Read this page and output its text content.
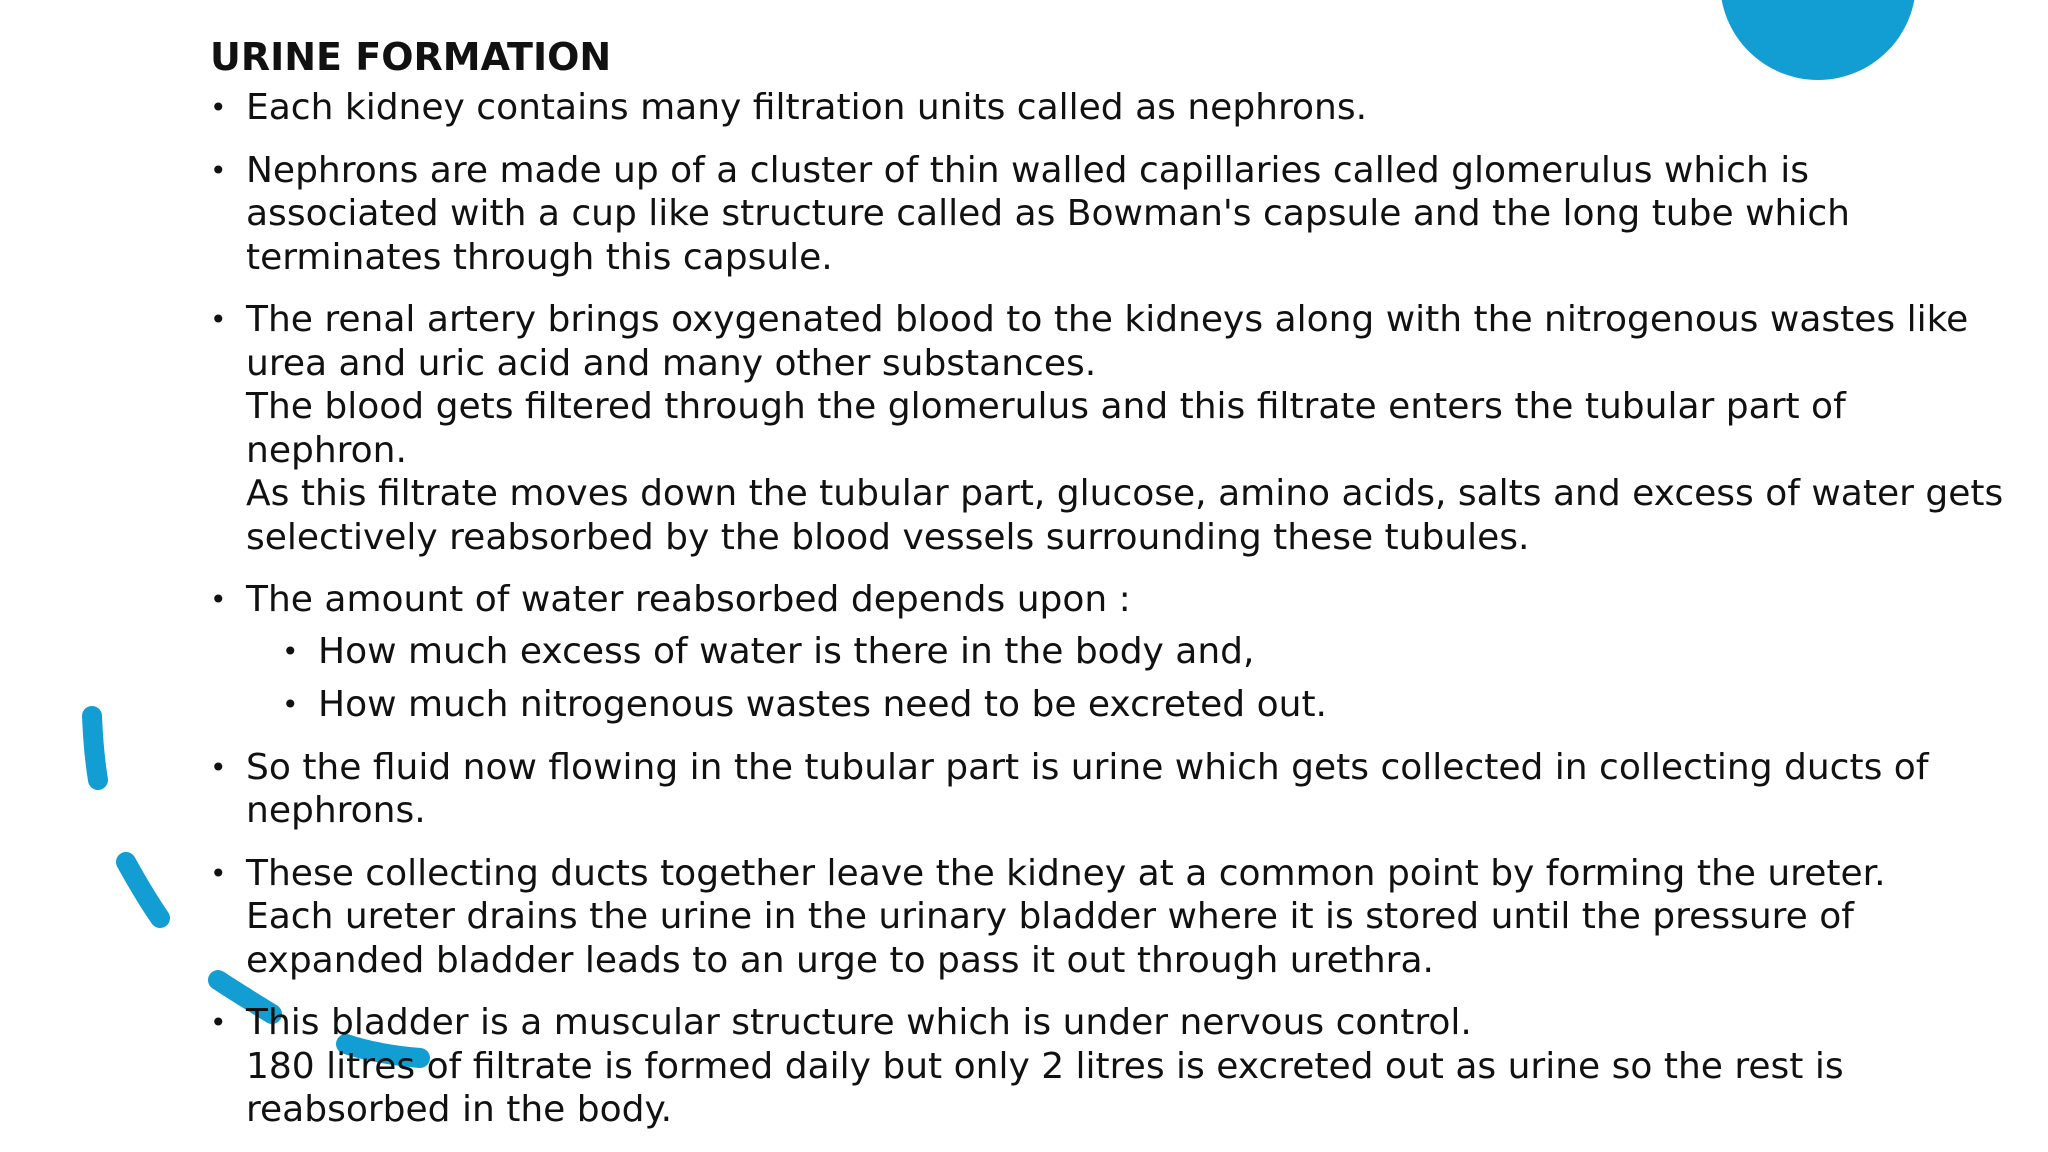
URINE FORMATION
• Each kidney contains many filtration units called as nephrons.
• Nephrons are made up of a cluster of thin walled capillaries called glomerulus which is associated with a cup like structure called as Bowman's capsule and the long tube which terminates through this capsule.
• The renal artery brings oxygenated blood to the kidneys along with the nitrogenous wastes like urea and uric acid and many other substances.
The blood gets filtered through the glomerulus and this filtrate enters the tubular part of nephron.
As this filtrate moves down the tubular part, glucose, amino acids, salts and excess of water gets selectively reabsorbed by the blood vessels surrounding these tubules.
• The amount of water reabsorbed depends upon :
• How much excess of water is there in the body and,
• How much nitrogenous wastes need to be excreted out.
• So the fluid now flowing in the tubular part is urine which gets collected in collecting ducts of nephrons.
• These collecting ducts together leave the kidney at a common point by forming the ureter.
Each ureter drains the urine in the urinary bladder where it is stored until the pressure of expanded bladder leads to an urge to pass it out through urethra.
• This bladder is a muscular structure which is under nervous control.
180 litres of filtrate is formed daily but only 2 litres is excreted out as urine so the rest is reabsorbed in the body.
